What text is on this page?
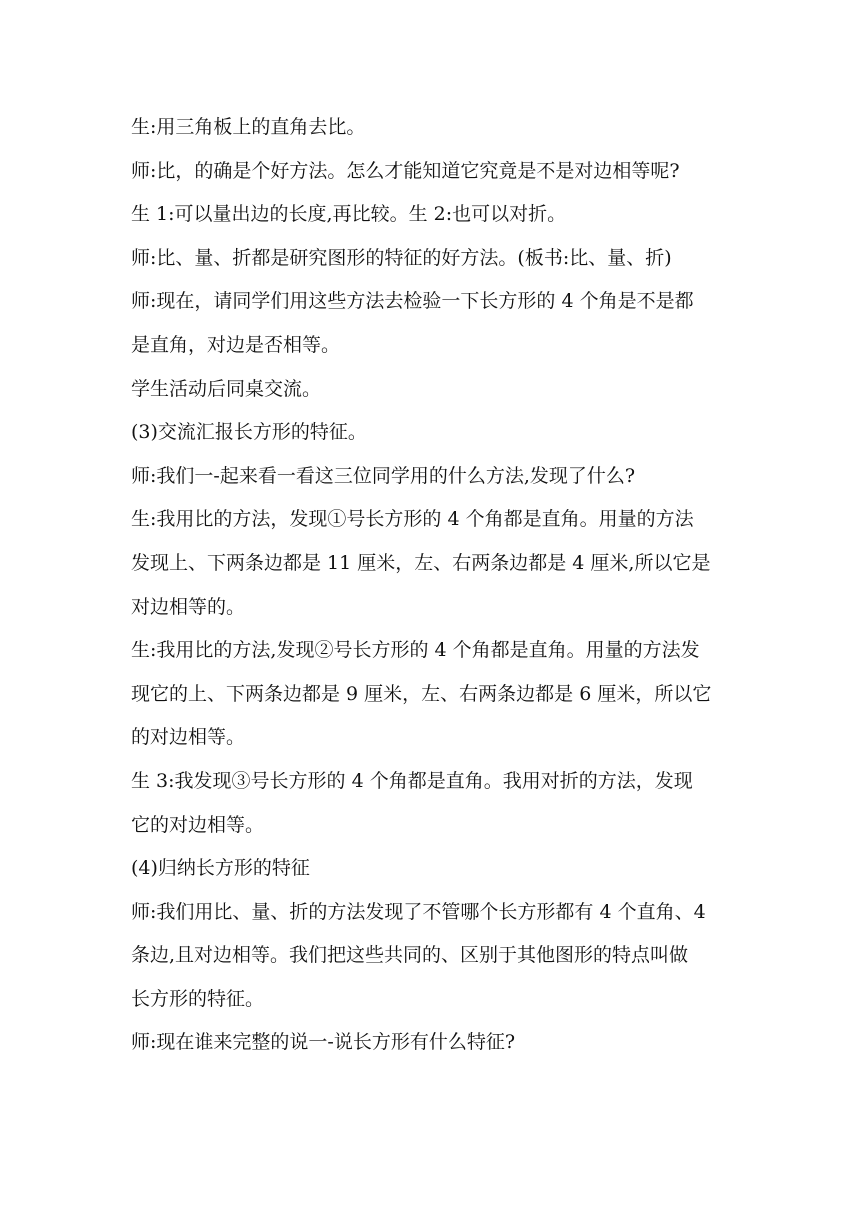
生:用三角板上的直角去比。
师:比，的确是个好方法。怎么才能知道它究竟是不是对边相等呢?
生 1:可以量出边的长度,再比较。生 2:也可以对折。
师:比、量、折都是研究图形的特征的好方法。(板书:比、量、折)
师:现在，请同学们用这些方法去检验一下长方形的 4 个角是不是都
是直角，对边是否相等。
学生活动后同桌交流。
(3)交流汇报长方形的特征。
师:我们一-起来看一看这三位同学用的什么方法,发现了什么?
生:我用比的方法，发现①号长方形的 4 个角都是直角。用量的方法
发现上、下两条边都是 11 厘米，左、右两条边都是 4 厘米,所以它是
对边相等的。
生:我用比的方法,发现②号长方形的 4 个角都是直角。用量的方法发
现它的上、下两条边都是 9 厘米，左、右两条边都是 6 厘米，所以它
的对边相等。
生 3:我发现③号长方形的 4 个角都是直角。我用对折的方法，发现
它的对边相等。
(4)归纳长方形的特征
师:我们用比、量、折的方法发现了不管哪个长方形都有 4 个直角、4
条边,且对边相等。我们把这些共同的、区别于其他图形的特点叫做
长方形的特征。
师:现在谁来完整的说一-说长方形有什么特征?
